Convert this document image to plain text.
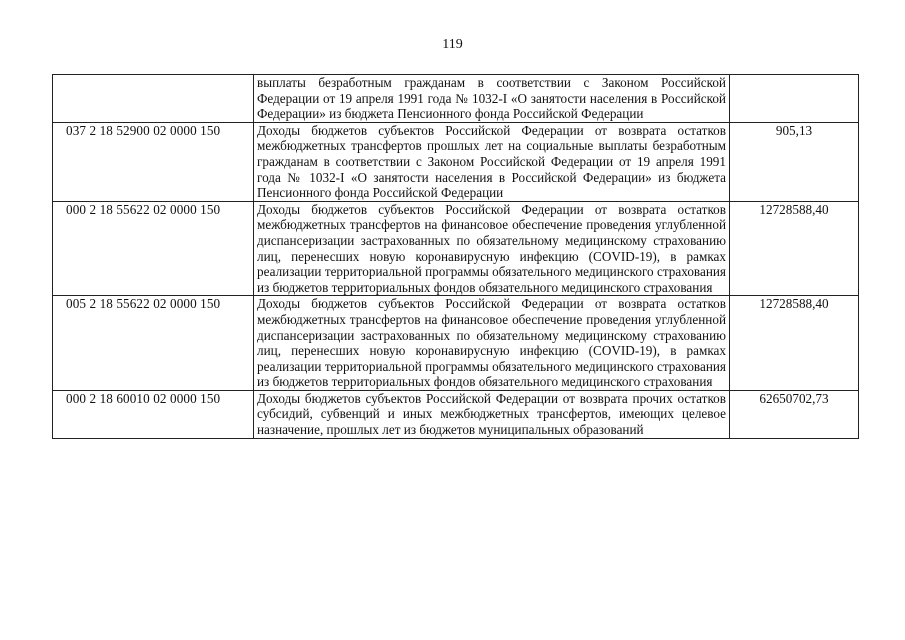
119
	выплаты безработным гражданам в соответствии с Законом Российской Федерации от 19 апреля 1991 года № 1032-I «О занятости населения в Российской Федерации» из бюджета Пенсионного фонда Российской Федерации	
037 2 18 52900 02 0000 150	Доходы бюджетов субъектов Российской Федерации от возврата остатков межбюджетных трансфертов прошлых лет на социальные выплаты безработным гражданам в соответствии с Законом Российской Федерации от 19 апреля 1991 года № 1032-I «О занятости населения в Российской Федерации» из бюджета Пенсионного фонда Российской Федерации	905,13
000 2 18 55622 02 0000 150	Доходы бюджетов субъектов Российской Федерации от возврата остатков межбюджетных трансфертов на финансовое обеспечение проведения углубленной диспансеризации застрахованных по обязательному медицинскому страхованию лиц, перенесших новую коронавирусную инфекцию (COVID-19), в рамках реализации территориальной программы обязательного медицинского страхования из бюджетов территориальных фондов обязательного медицинского страхования	12728588,40
005 2 18 55622 02 0000 150	Доходы бюджетов субъектов Российской Федерации от возврата остатков межбюджетных трансфертов на финансовое обеспечение проведения углубленной диспансеризации застрахованных по обязательному медицинскому страхованию лиц, перенесших новую коронавирусную инфекцию (COVID-19), в рамках реализации территориальной программы обязательного медицинского страхования из бюджетов территориальных фондов обязательного медицинского страхования	12728588,40
000 2 18 60010 02 0000 150	Доходы бюджетов субъектов Российской Федерации от возврата прочих остатков субсидий, субвенций и иных межбюджетных трансфертов, имеющих целевое назначение, прошлых лет из бюджетов муниципальных образований	62650702,73
